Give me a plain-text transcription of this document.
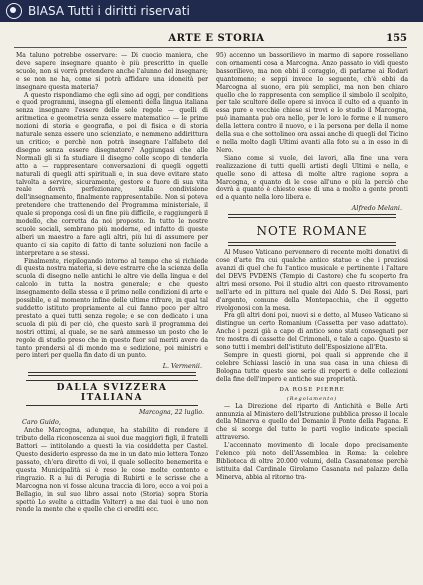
BIASA Tutti i diritti riservati
ARTE E STORIA	155

Ma taluno potrebbe osservare: — Di cuocio maniera, che deve sapere insegnare quanto è più prescritto in quelle scuole, non si vorrà pretendere anche l'alunno del insegnare; e se non ne ha, come si potrà affidare una idoneità per insegnare questa materia?

A questo rispondiamo che egli sino ad oggi, per conditions e quod programmi, insegna gli elementi della lingua italiana senza insegnare l'essere delle sole regole — quelli di aritmetica e geometria senza essere matematico — le prime nozioni di storia e geografia, e poi di fisica e di storia naturale senza essere uno scienziato, e nemmeno addirittura un critico; e perchè non potrà insegnare l'alfabeto del disegno senza essere disegnatore? Aggiungasi che alle Normali gli si fa studiare il disegno colle scopo di tenderla atto a — rappresentare conversazioni di quegli oggetti naturali di quegli atti spirituali e, in sua deve evitare stato talvolta a servire, sicuramente, gestore e fuore di sua vita reale dovrà perfezionare, sulla condivisione dell'insegnamento, finalmente rappresentabile. Non si poteva pretendere che trattenendo del Programma ministeriale, il quale si proponga così di un fine più difficile, e raggiungerà il modello, che corretta da noi proposto. In tutto le nostre scuole sociali, sembrano più moderne, ed infatto di queste alberi un maestro a fare agli altri, più lui di assumere per quanto ci sia capito di fatto di tante soluzioni non facile a interpretare a se stessi.

Finalmente, riepilogando intorno al tempo che si richiede di questa nostra materia, si deve estrarre che la scienza della scuola di disegno nelle antichi le altre vie della lingua e del calcolo in tutta la nostra generale; e che questo insegnamento della stessa e il primo nelle condizioni di arte e possibile, e al momento infine delle ultime rifrare, in qual tal suddetto istituto propriamente al cui fanno poco per altro prestato a quei tutti senza regole; e se con dedicato i una scuola di più di per ciò, che questo sarà il programma dei nostri ottimi, al quale, se ne sarà ammesso un posto che le regole di studio preso che in questo fuor sul meriti avere da tanto prendersi al di mondo ma e sedizione, poi ministri e pero interi per quella fin dato di un punto.

L. Vermenii.
DALLA SVIZZERA ITALIANA
Marcogna, 22 luglio.
Caro Guido,

Anche Marcogna, adunque, ha stabilito di rendere il tributo della riconoscenza ai suoi due maggiori figli, il fratelli Battori — intitolando a questi la via cosiddetta per Castel. Questo desiderio espresso da me in un dato mio lettera Tonzo passato, ch'era diretto di voi, il quale sollecito benemerita e questa Municipalità si è reso le cose molte contento e ringrazio. R a lui di Perugia di Rubirti e le scrisse che a Marcogna non vi fosse alcuna traccia di loro, ecco a voi poi a Bellagio, in sul suo libro assai noto (Storia) sopra Storia spettò Lo svelte a cittadin Volterr) a me dai tuoi è uno non rende la mente che e quelle che ci erediti ecc.

95) accenno un bassorilievo in marmo di sapore rosseliano con ornamenti cosa a Marcogna. Anzo passato io vidi questo bassorilievo, ma non ebbi il coraggio, di parlarne ai Rodari quantomeno; e seppi invece lo seguente, ch'è ebbi da Marcogna al suono, era più semplici, ma non ben chiaro quello che lo rappresenta con semplice il simbolo il scolpito, per tale scultore delle opere si invoca il culto ed a quanto in essa pure e vecchie chiese si trovi e lo studio il Marcogna, può inamanta può ora nello, per le loro le forme e il numero della lettera contro il nuovo, e i la persona per della il nome della sua e che sottolineo ora assai anche di quegli del Ticino e nella molto dagli Ultimi avanti alla foto su a in esso in di Nero.

Siano come si vuole, dei lavori, alla fine una vera realizzazione di tutti quelli artisti degli Ultimi e nella, e quelle sono di attesa di molte altre ragione sopra a Marcogna, e quanto di le cose all'uno e più la perciò che dovrà a quanto è chiesto esse di una a molto a gente pronti ed a quanto nella loro libera e.

Alfredo Melani.
NOTE ROMANE

Al Museo Vaticano pervennero di recente molti donativi di cose d'arte fra cui qualche antico statue e che i preziosi avanzi di quel che fu l'antico musicale e pertinente i l'altare del DEVS PVDENS (Tempio di Castore) che fu scoperto fra altri mesi orsono. Poi il studio altri con questo ritrovamento nell'arte ed in pittura nel quale dei Aldo S. Dei Rossi, pari d'argento, comune della Montepacchia, che il oggetto rivolgonosi con la mesa.

Fra gli altri doni poi, nuovi si e detto, al Museo Vaticano si distingue un certo Romanium (Cassetta per vaso adattato). Anche i pezzi già a capo di antico sono stati consegnati per tre mostra di cassette del Crimoneli, e tale a capo. Questo si sono tutti i membri dell'istituto dell'Esposizione all'Eta.

Sempre in questi giorni, poi quali si apprende che il celebre Schiassi lasciò in una sua casa in una chiesa di Bologna tutte queste sue serie di reperti e delle collezioni della fine dell'impero e antiche sue proprietà.

DA ROSE PIERRE
(Regolamento)

— La Direzione del riparto di Antichità e Belle Arti annunzia al Ministero dell'Istruzione pubblica presso il locale della Minerva e quello del Demanio il Ponte della Pagana. E che si scorge del tutto le parti voglio indicate speciali attraverso.

L'accennato movimento di locale dopo precisamente l'elenco più noto dell'Assemblea in Roma: la celebre Biblioteca di oltre 20.000 volumi, della Casanatense perchè istituita dal Cardinale Girolamo Casanata nel palazzo della Minerva, abbia al ritorno tra-
